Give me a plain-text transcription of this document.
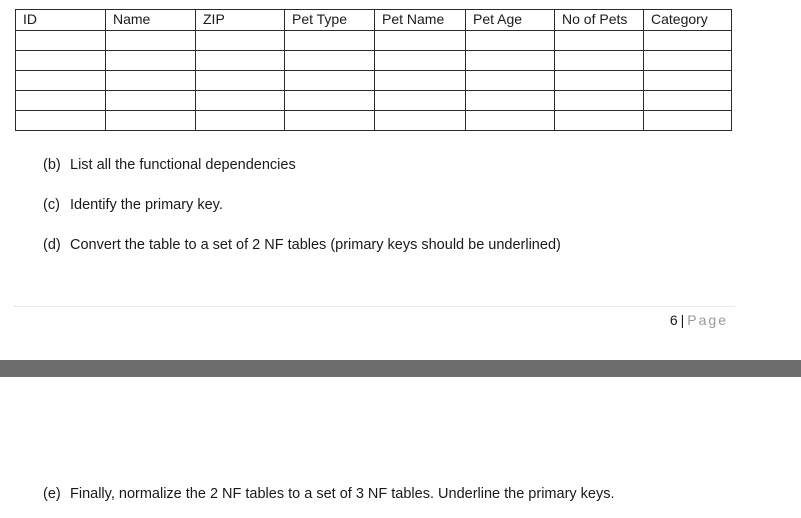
ID	Name	ZIP	Pet Type	Pet Name	Pet Age	No of Pets	Category

(b) List all the functional dependencies
(c) Identify the primary key.
(d) Convert the table to a set of 2 NF tables (primary keys should be underlined)
6 | Page
(e) Finally, normalize the 2 NF tables to a set of 3 NF tables. Underline the primary keys.
